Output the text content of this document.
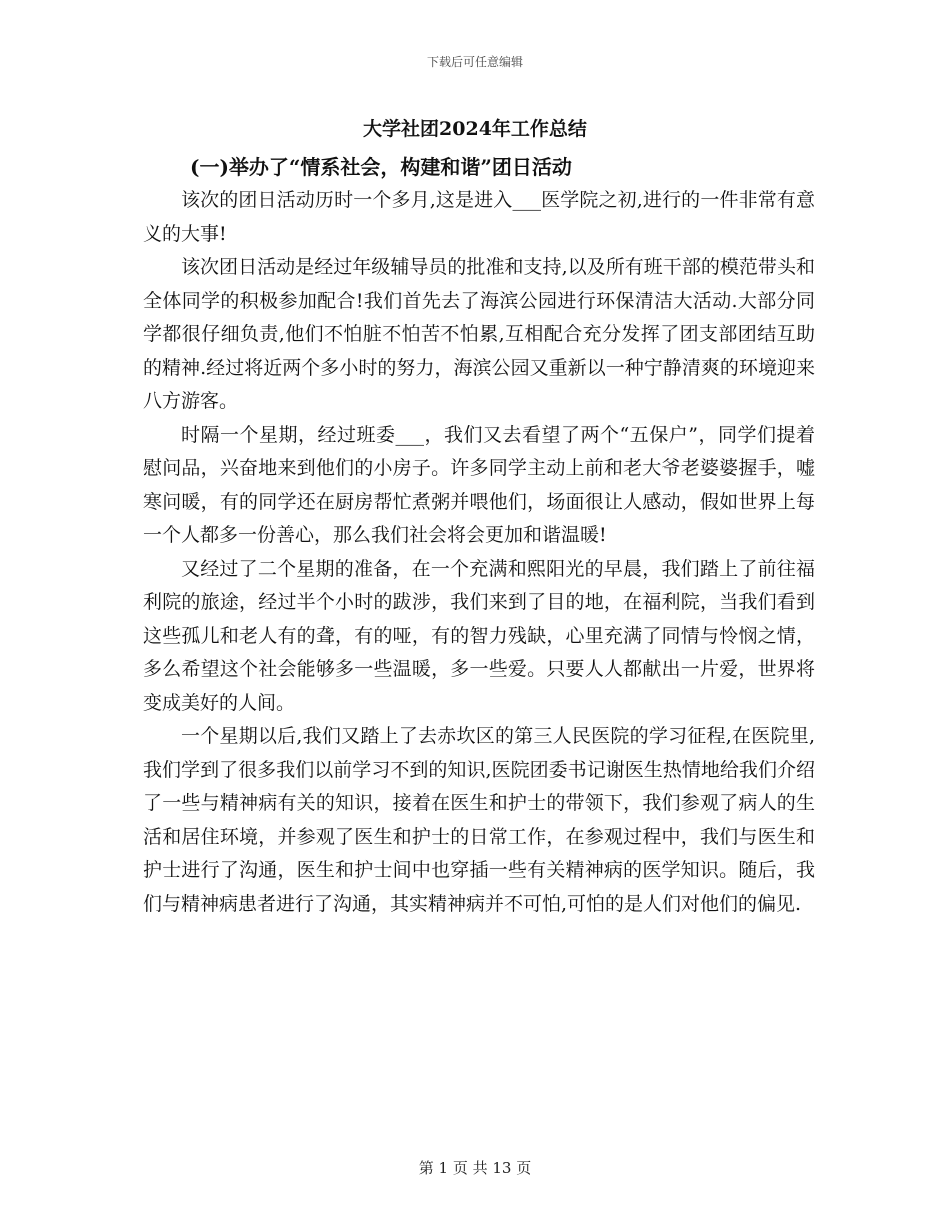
下载后可任意编辑
大学社团2024年工作总结
(一)举办了“情系社会，构建和谐”团日活动

该次的团日活动历时一个多月,这是进入___医学院之初,进行的一件非常有意义的大事!

该次团日活动是经过年级辅导员的批准和支持,以及所有班干部的模范带头和全体同学的积极参加配合!我们首先去了海滨公园进行环保清洁大活动.大部分同学都很仔细负责,他们不怕脏不怕苦不怕累,互相配合充分发挥了团支部团结互助的精神.经过将近两个多小时的努力，海滨公园又重新以一种宁静清爽的环境迎来八方游客。

时隔一个星期，经过班委___，我们又去看望了两个“五保户”，同学们提着慰问品，兴奋地来到他们的小房子。许多同学主动上前和老大爷老婆婆握手，嘘寒问暖，有的同学还在厨房帮忙煮粥并喂他们，场面很让人感动，假如世界上每一个人都多一份善心，那么我们社会将会更加和谐温暖!

又经过了二个星期的准备，在一个充满和熙阳光的早晨，我们踏上了前往福利院的旅途，经过半个小时的跋涉，我们来到了目的地，在福利院，当我们看到这些孤儿和老人有的聋，有的哑，有的智力残缺，心里充满了同情与怜悯之情，多么希望这个社会能够多一些温暖，多一些爱。只要人人都献出一片爱，世界将变成美好的人间。

一个星期以后,我们又踏上了去赤坎区的第三人民医院的学习征程,在医院里,我们学到了很多我们以前学习不到的知识,医院团委书记谢医生热情地给我们介绍了一些与精神病有关的知识，接着在医生和护士的带领下，我们参观了病人的生活和居住环境，并参观了医生和护士的日常工作，在参观过程中，我们与医生和护士进行了沟通，医生和护士间中也穿插一些有关精神病的医学知识。随后，我们与精神病患者进行了沟通，其实精神病并不可怕,可怕的是人们对他们的偏见.

第 1 页 共 13 页
